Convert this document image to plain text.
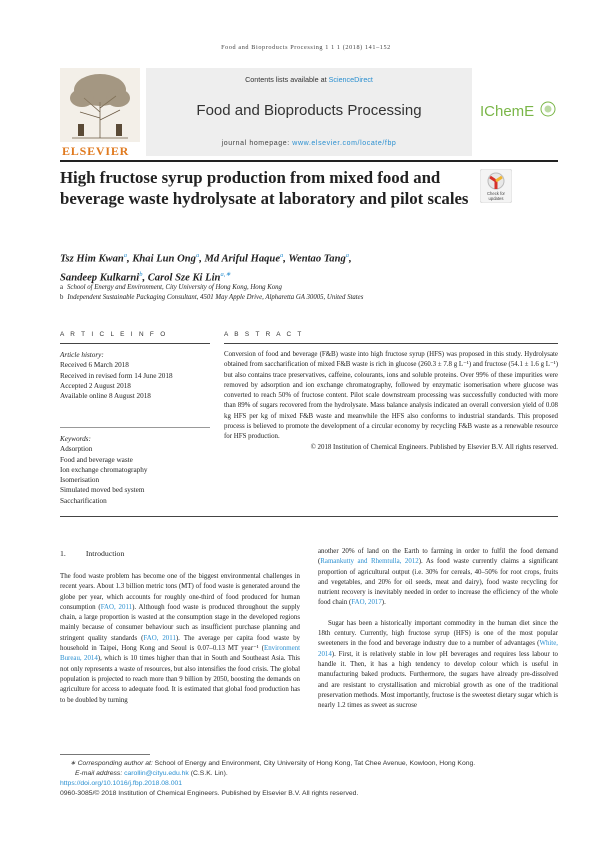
Food and Bioproducts Processing 1 1 1 (2018) 141–152
ELSEVIER
Contents lists available at ScienceDirect
Food and Bioproducts Processing
journal homepage: www.elsevier.com/locate/fbp
IChemE
High fructose syrup production from mixed food and beverage waste hydrolysate at laboratory and pilot scales	Check for
updates
Tsz Him Kwan$^a$, Khai Lun Ong$^a$, Md Ariful Haque$^a$, Wentao Tang$^a$,
Sandeep Kulkarni$^b$, Carol Sze Ki Lin$^{a,∗}$
a School of Energy and Environment, City University of Hong Kong, Hong Kong
b Independent Sustainable Packaging Consultant, 4501 May Apple Drive, Alpharetta GA 30005, United States
A R T I C L E I N F O	A B S T R A C T
Article history:
Received 6 March 2018
Received in revised form 14 June 2018
Accepted 2 August 2018
Available online 8 August 2018
Keywords:
Adsorption
Food and beverage waste
Ion exchange chromatography
Isomerisation
Simulated moved bed system
Saccharification
Conversion of food and beverage (F&B) waste into high fructose syrup (HFS) was proposed in this study. Hydrolysate obtained from saccharification of mixed F&B waste is rich in glucose (260.3 ± 7.8 g L⁻¹) and fructose (54.1 ± 1.6 g L⁻¹) but also contains trace preservatives, caffeine, colourants, ions and soluble proteins. Over 99% of these impurities were removed by adsorption and ion exchange chromatography, followed by enzymatic isomerisation where glucose was converted to reach 50% of fructose content. Pilot scale downstream processing was successfully conducted with more than 89% of sugars recovered from the hydrolysate. Mass balance analysis indicated an overall conversion yield of 0.08 kg HFS per kg of mixed F&B waste and meanwhile the HFS also conforms to industrial standards. This proposed process is believed to promote the development of a circular economy by recycling F&B waste as a renewable resource for HFS production.
© 2018 Institution of Chemical Engineers. Published by Elsevier B.V. All rights reserved.
1.	Introduction
The food waste problem has become one of the biggest environmental challenges in recent years. About 1.3 billion metric tons (MT) of food waste is generated around the globe per year, which accounts for roughly one-third of food produced for human consumption (FAO, 2011). Although food waste is produced throughout the supply chain, a large proportion is wasted at the consumption stage in the developed regions mainly because of consumer behaviour such as insufficient purchase planning and stringent quality standards (FAO, 2011). The average per capita food waste by household in Taipei, Hong Kong and Seoul is 0.07–0.13 MT year⁻¹ (Environment Bureau, 2014), which is 10 times higher than that in South and Southeast Asia. This not only represents a waste of resources, but also intensifies the food crisis. The global population is projected to reach more than 9 billion by 2050, boosting the demands on agriculture for access to adequate food. It is estimated that global food production has to be doubled by turning
another 20% of land on the Earth to farming in order to fulfil the food demand (Ramankutty and Rhemtulla, 2012). As food waste currently claims a significant proportion of agricultural output (i.e. 30% for cereals, 40–50% for root crops, fruits and vegetables, and 20% for oil seeds, meat and dairy), food waste recycling for nutrient recovery is inevitably needed in order to increase the efficiency of the whole food chain (FAO, 2017).
Sugar has been a historically important commodity in the human diet since the 18th century. Currently, high fructose syrup (HFS) is one of the most popular sweeteners in the food and beverage industry due to a number of advantages (White, 2014). First, it is relatively stable in low pH beverages and requires less labour to handle it. Then, it has a high tendency to develop colour which is useful in manufacturing baked products. Furthermore, the sugars have already pre-dissolved and are resistant to crystallisation and microbial growth as one of the traditional preservation methods. Most importantly, fructose is the sweetest dietary sugar which is nearly 1.2 times as sweet as sucrose
∗ Corresponding author at: School of Energy and Environment, City University of Hong Kong, Tat Chee Avenue, Kowloon, Hong Kong.
E-mail address: carollin@cityu.edu.hk (C.S.K. Lin).
https://doi.org/10.1016/j.fbp.2018.08.001
0960-3085/© 2018 Institution of Chemical Engineers. Published by Elsevier B.V. All rights reserved.
